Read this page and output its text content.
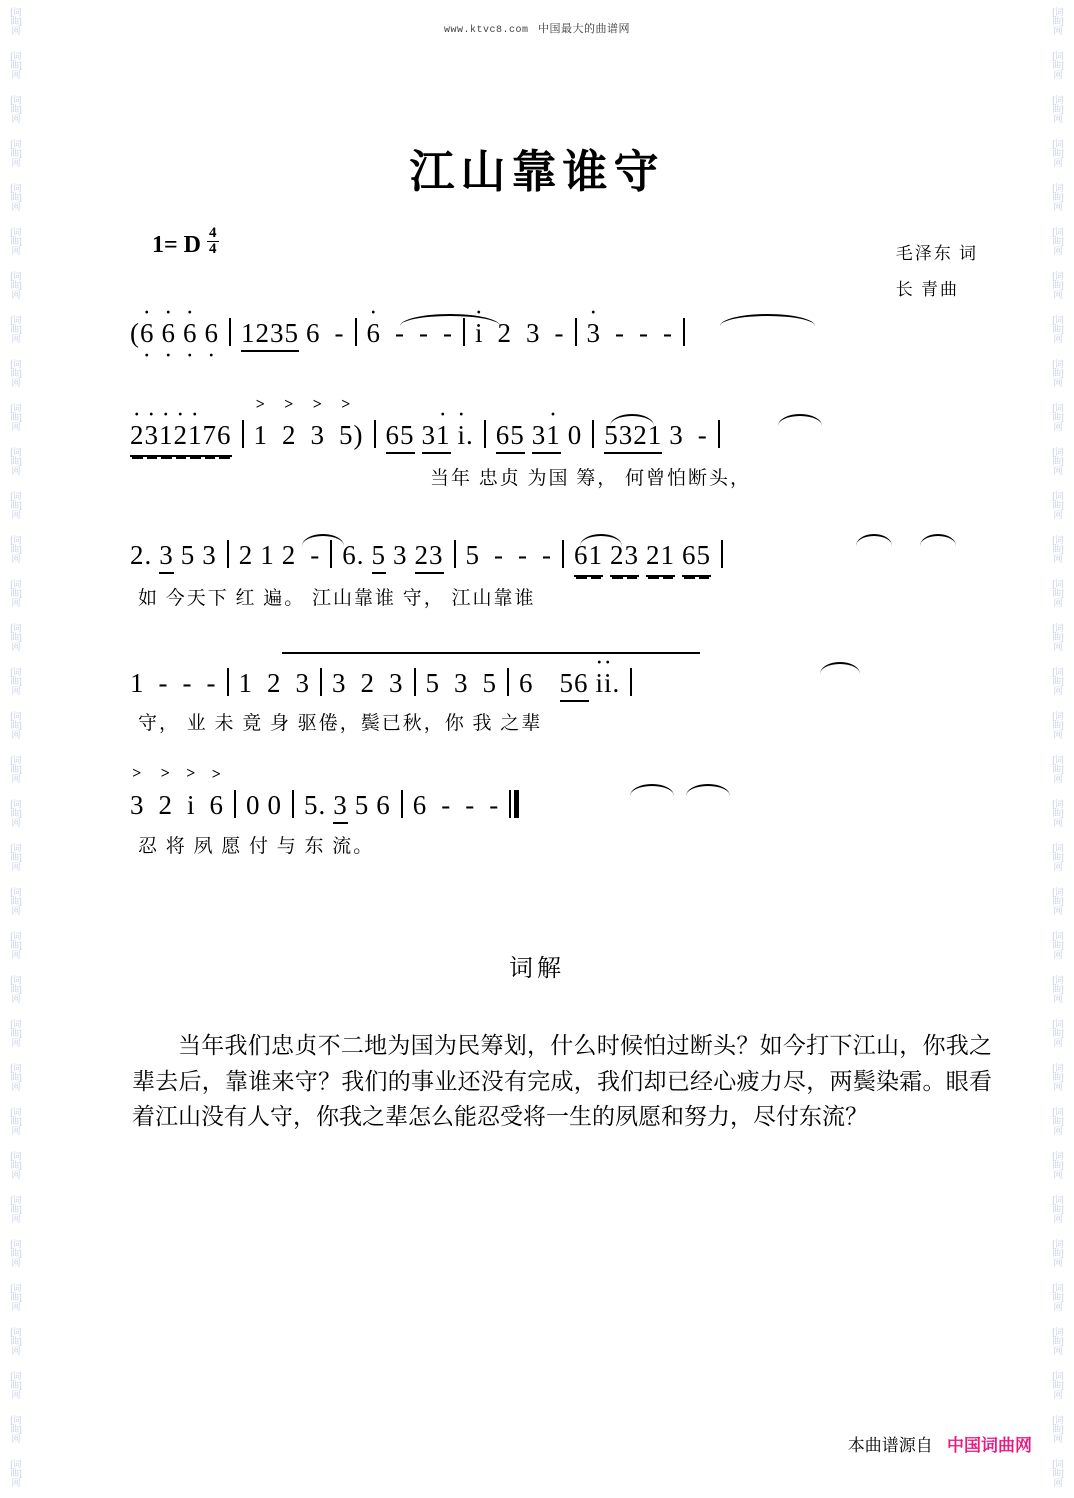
[词
曲]
网
[词
曲]
网
[词
曲]
网
[词
曲]
网
[词
曲]
网
[词
曲]
网
[词
曲]
网
[词
曲]
网
[词
曲]
网
[词
曲]
网
[词
曲]
网
[词
曲]
网
[词
曲]
网
[词
曲]
网
[词
曲]
网
[词
曲]
网
[词
曲]
网
[词
曲]
网
[词
曲]
网
[词
曲]
网
[词
曲]
网
[词
曲]
网
[词
曲]
网
[词
曲]
网
[词
曲]
网
[词
曲]
网
[词
曲]
网
[词
曲]
网
[词
曲]
网
[词
曲]
网
[词
曲]
网
[词
曲]
网
[词
曲]
网
[词
曲]
网
[词
曲]
网
[词
曲]
网
[词
曲]
网
[词
曲]
网
[词
曲]
网
[词
曲]
网
[词
曲]
网
[词
曲]
网
[词
曲]
网
[词
曲]
网
[词
曲]
网
[词
曲]
网
[词
曲]
网
[词
曲]
网
[词
曲]
网
[词
曲]
网
[词
曲]
网
[词
曲]
网
[词
曲]
网
[词
曲]
网
[词
曲]
网
[词
曲]
网
[词
曲]
网
[词
曲]
网
[词
曲]
网
[词
曲]
网
[词
曲]
网
[词
曲]
网
[词
曲]
网
[词
曲]
网
[词
曲]
网
[词
曲]
网
[词
曲]
网
[词
曲]
网
www.ktvc8.com 中国最大的曲谱网
江山靠谁守
1= D $\frac{4}{4}$	毛泽东 词
长 青曲
(· 6 · · 6 · · 6 · 6 · 1235 6 - · 6 - - - · i 2 3 - · 3 - - -
· 2· 3· 1· 2· 176 > 1 > 2 > 3 > 5) 65 3· 1 · i. 65 3· 1 0 5321 3 -
当年 忠贞 为国 筹， 何曾怕断头，
2. 3 5 3 2 1 2 - 6. 5 3 23 5 - - - 61 23 21 65
如 今天下 红 遍。 江山靠谁 守， 江山靠谁
1 - - - 1 2 3 3 2 3 5 3 5 6 56 · i· i.
守， 业 未 竟 身 驱倦，鬓已秋，你 我 之辈
> 3 > 2 > i > 6 0 0 5. 3 5 6 6 - - -
忍 将 夙 愿 付 与 东 流。
词解

当年我们忠贞不二地为国为民筹划，什么时候怕过断头？如今打下江山，你我之辈去后，靠谁来守？我们的事业还没有完成，我们却已经心疲力尽，两鬓染霜。眼看着江山没有人守，你我之辈怎么能忍受将一生的夙愿和努力，尽付东流？

本曲谱源自 中国词曲网
